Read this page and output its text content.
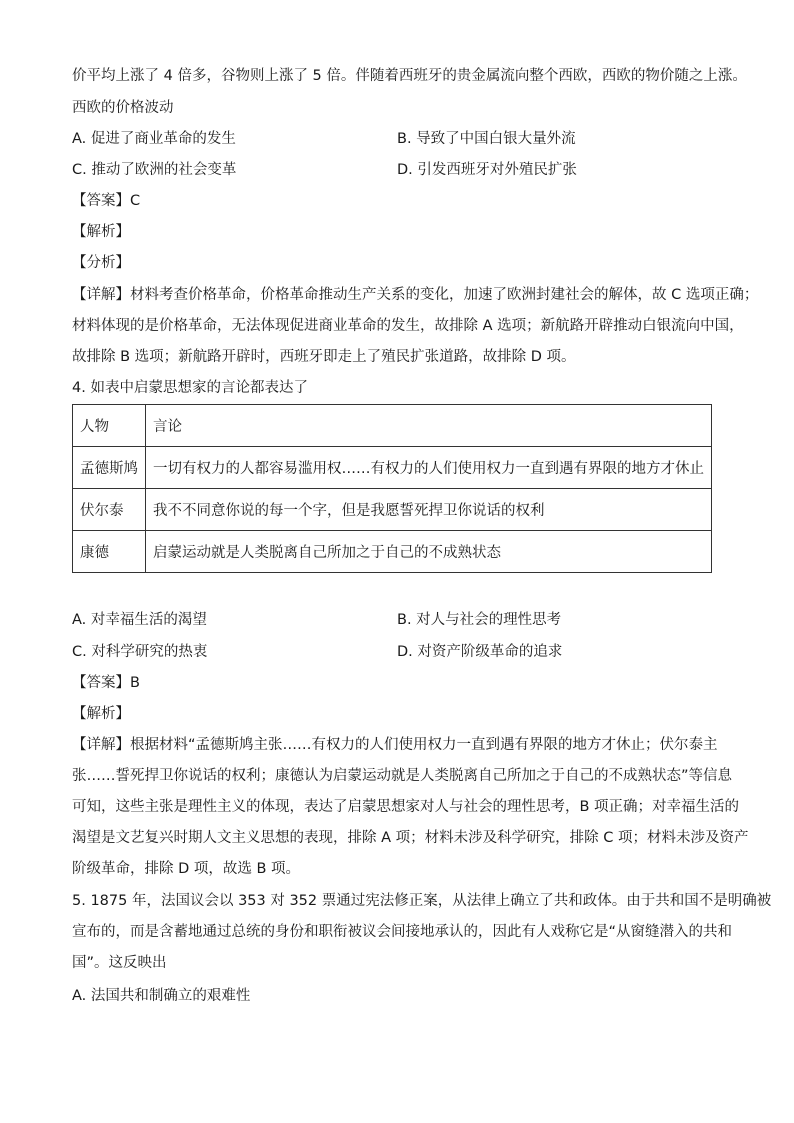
价平均上涨了 4 倍多，谷物则上涨了 5 倍。伴随着西班牙的贵金属流向整个西欧，西欧的物价随之上涨。
西欧的价格波动
A. 促进了商业革命的发生	B. 导致了中国白银大量外流
C. 推动了欧洲的社会变革	D. 引发西班牙对外殖民扩张
【答案】C
【解析】
【分析】
【详解】材料考查价格革命，价格革命推动生产关系的变化，加速了欧洲封建社会的解体，故 C 选项正确；
材料体现的是价格革命，无法体现促进商业革命的发生，故排除 A 选项；新航路开辟推动白银流向中国，
故排除 B 选项；新航路开辟时，西班牙即走上了殖民扩张道路，故排除 D 项。
4. 如表中启蒙思想家的言论都表达了
人物	言论
孟德斯鸠	一切有权力的人都容易滥用权……有权力的人们使用权力一直到遇有界限的地方才休止
伏尔泰	我不不同意你说的每一个字，但是我愿誓死捍卫你说话的权利
康德	启蒙运动就是人类脱离自己所加之于自己的不成熟状态
A. 对幸福生活的渴望	B. 对人与社会的理性思考
C. 对科学研究的热衷	D. 对资产阶级革命的追求
【答案】B
【解析】
【详解】根据材料“孟德斯鸠主张……有权力的人们使用权力一直到遇有界限的地方才休止；伏尔泰主
张……誓死捍卫你说话的权利；康德认为启蒙运动就是人类脱离自己所加之于自己的不成熟状态”等信息
可知，这些主张是理性主义的体现，表达了启蒙思想家对人与社会的理性思考，B 项正确；对幸福生活的
渴望是文艺复兴时期人文主义思想的表现，排除 A 项；材料未涉及科学研究，排除 C 项；材料未涉及资产
阶级革命，排除 D 项，故选 B 项。
5. 1875 年，法国议会以 353 对 352 票通过宪法修正案，从法律上确立了共和政体。由于共和国不是明确被
宣布的，而是含蓄地通过总统的身份和职衔被议会间接地承认的，因此有人戏称它是“从窗缝潜入的共和
国”。这反映出
A. 法国共和制确立的艰难性
